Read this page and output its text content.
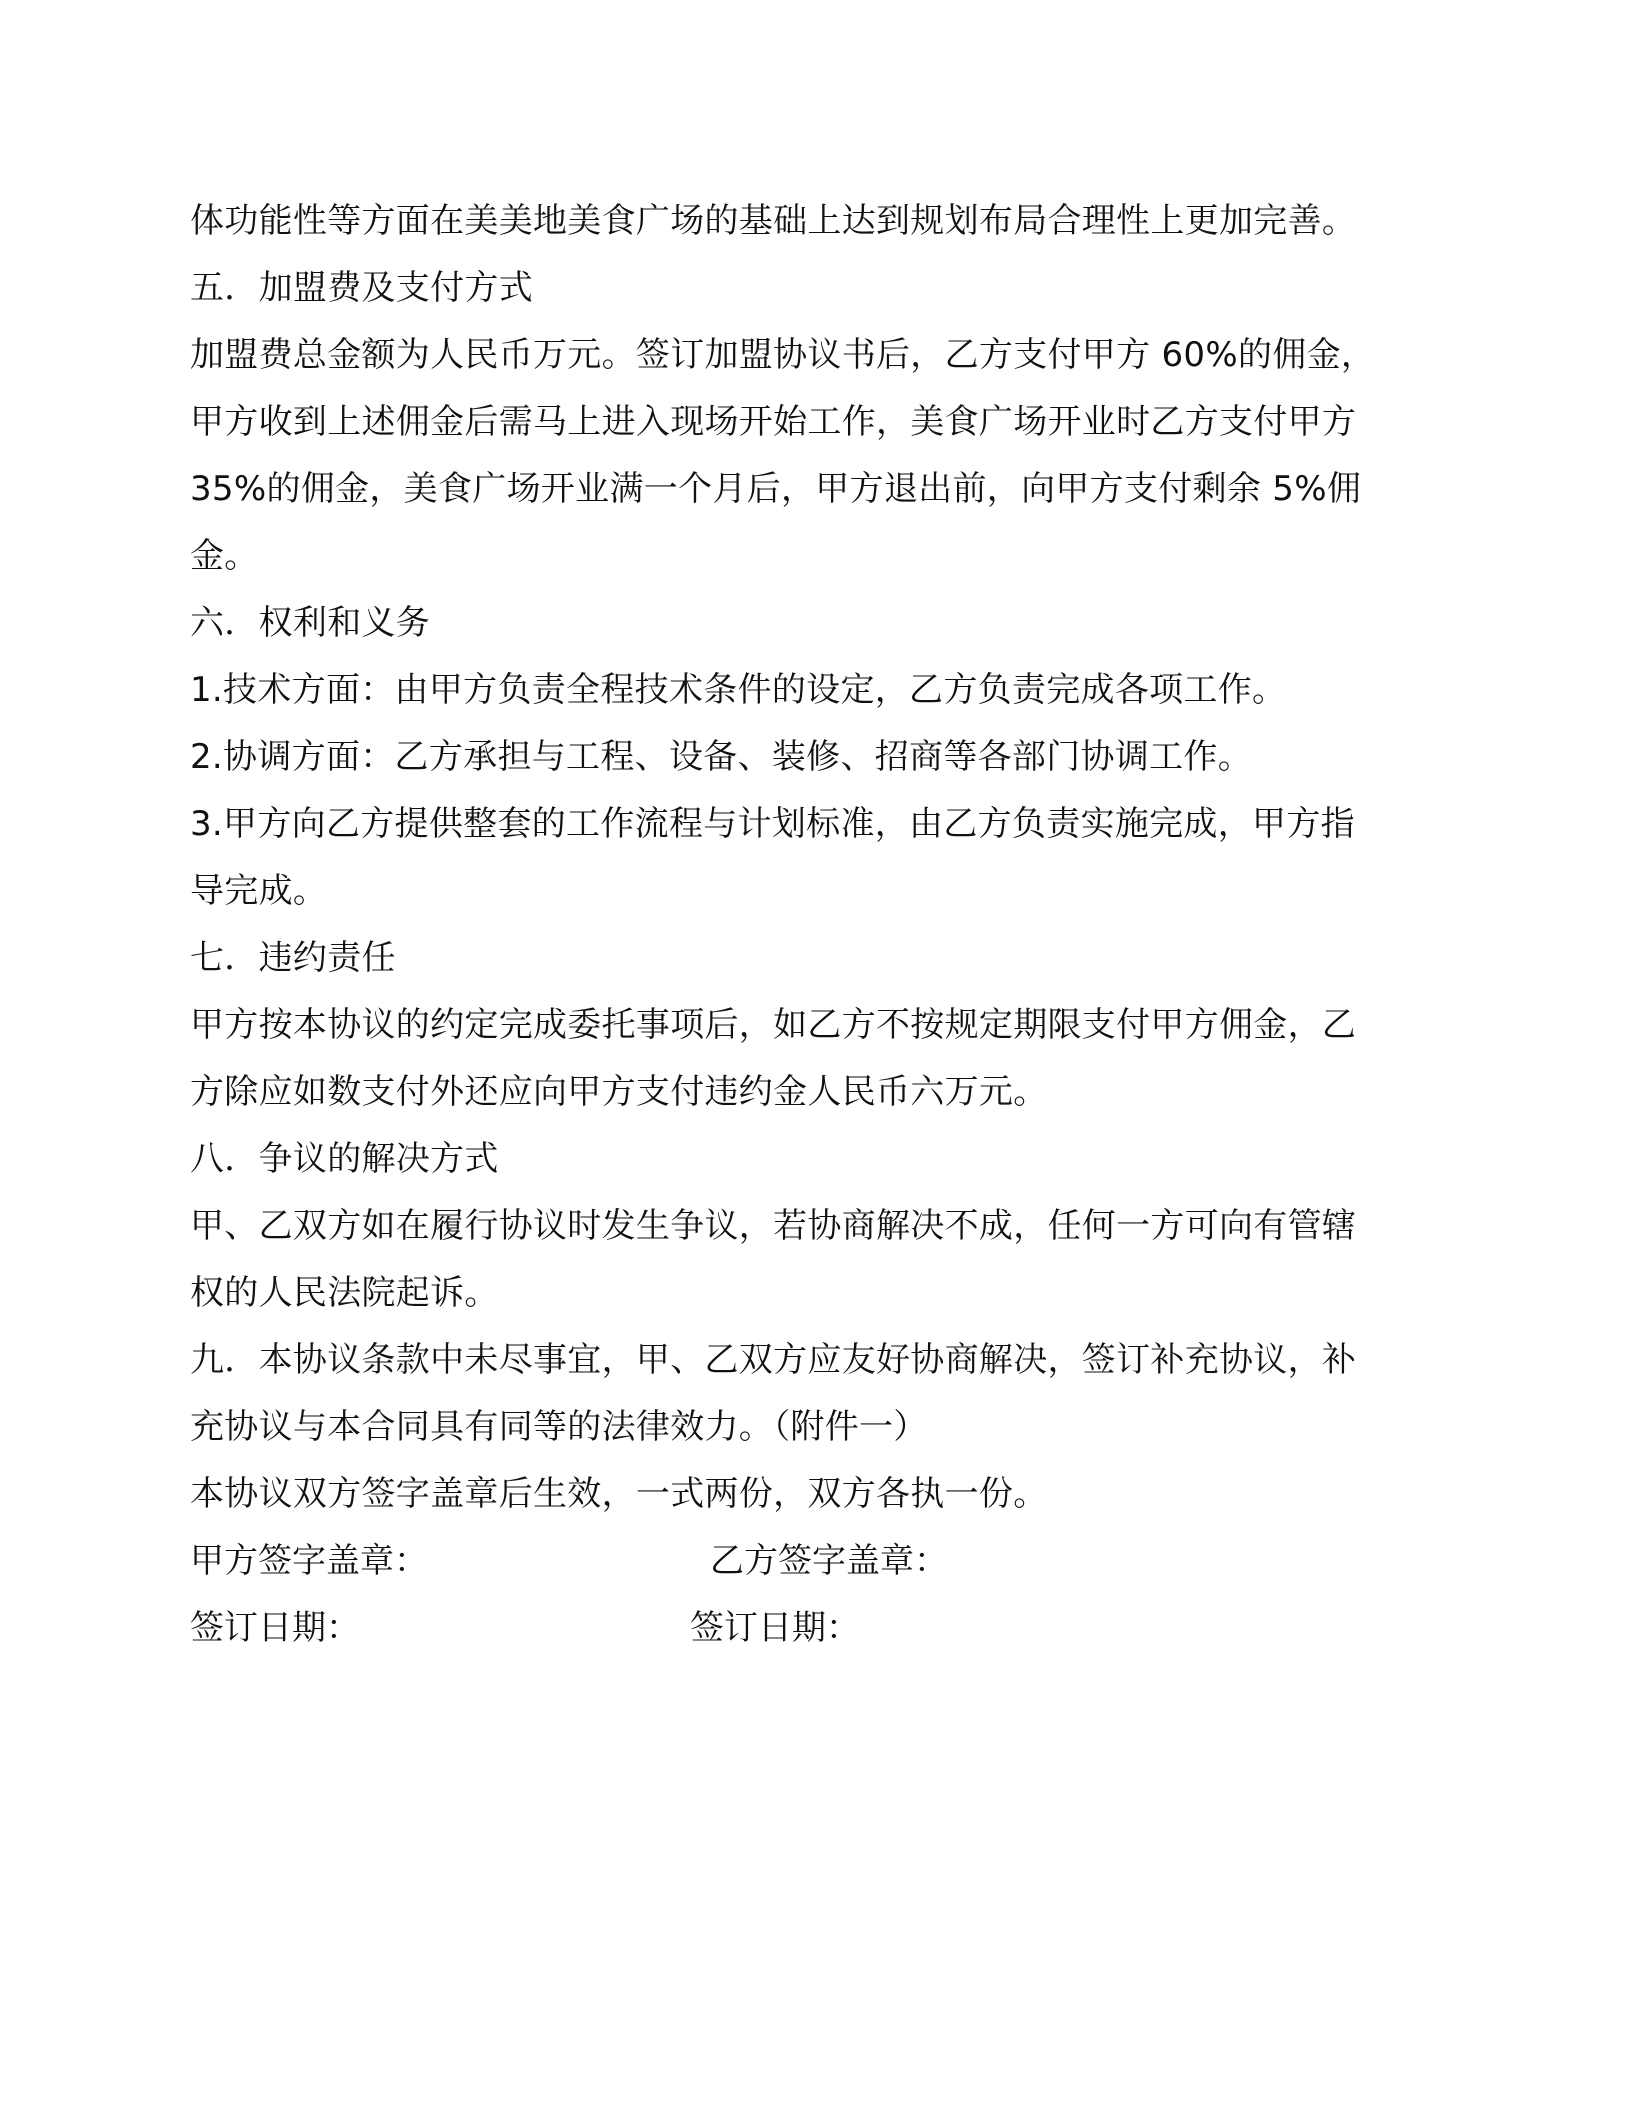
体功能性等方面在美美地美食广场的基础上达到规划布局合理性上更加完善。
五．加盟费及支付方式
加盟费总金额为人民币万元。签订加盟协议书后，乙方支付甲方 60%的佣金，
甲方收到上述佣金后需马上进入现场开始工作，美食广场开业时乙方支付甲方
35%的佣金，美食广场开业满一个月后，甲方退出前，向甲方支付剩余 5%佣
金。
六．权利和义务
1.技术方面：由甲方负责全程技术条件的设定，乙方负责完成各项工作。
2.协调方面：乙方承担与工程、设备、装修、招商等各部门协调工作。
3.甲方向乙方提供整套的工作流程与计划标准，由乙方负责实施完成，甲方指
导完成。
七．违约责任
甲方按本协议的约定完成委托事项后，如乙方不按规定期限支付甲方佣金，乙
方除应如数支付外还应向甲方支付违约金人民币六万元。
八．争议的解决方式
甲、乙双方如在履行协议时发生争议，若协商解决不成，任何一方可向有管辖
权的人民法院起诉。
九．本协议条款中未尽事宜，甲、乙双方应友好协商解决，签订补充协议，补
充协议与本合同具有同等的法律效力。（附件一）
本协议双方签字盖章后生效，一式两份，双方各执一份。
甲方签字盖章：	乙方签字盖章：
签订日期：	签订日期：
